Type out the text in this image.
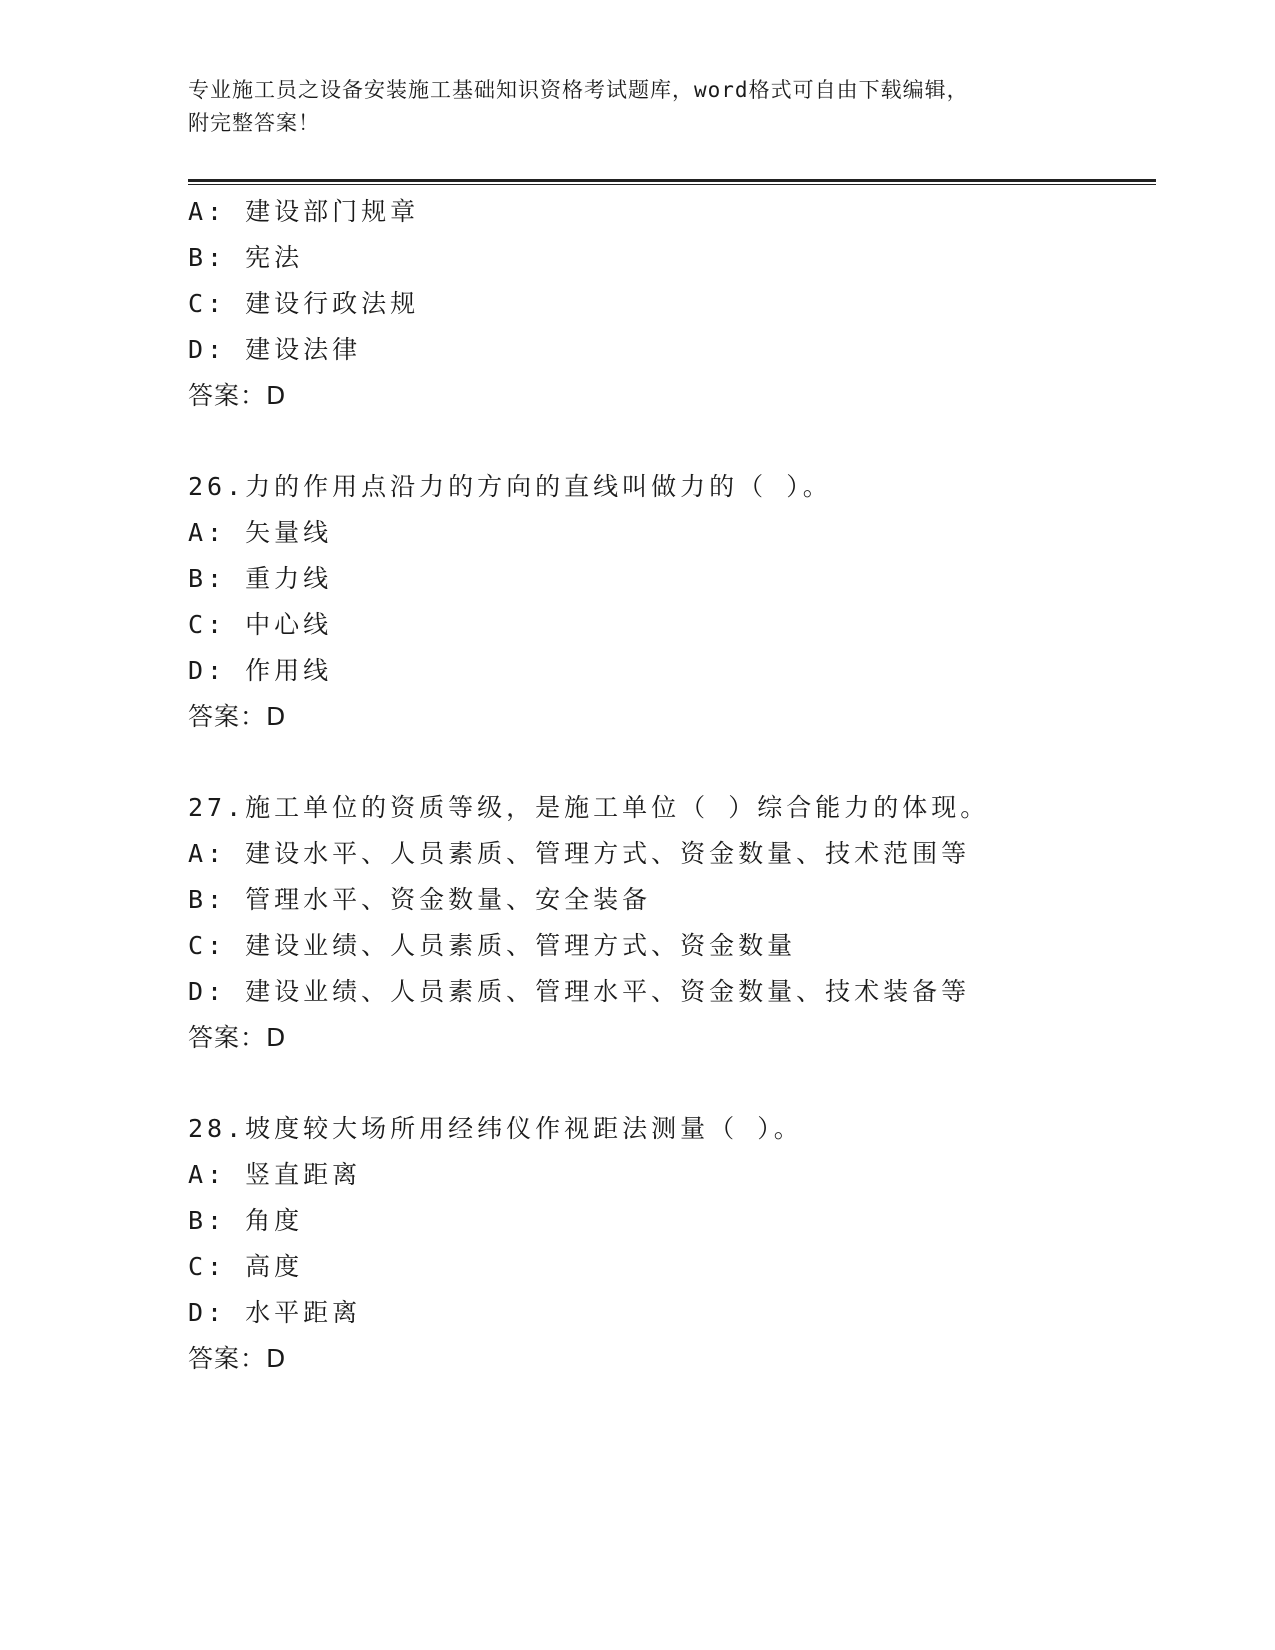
专业施工员之设备安装施工基础知识资格考试题库，word格式可自由下载编辑，
附完整答案！
A: 建设部门规章
B: 宪法
C: 建设行政法规
D: 建设法律
答案：D
26.力的作用点沿力的方向的直线叫做力的（ ）。
A: 矢量线
B: 重力线
C: 中心线
D: 作用线
答案：D
27.施工单位的资质等级，是施工单位（ ）综合能力的体现。
A: 建设水平、人员素质、管理方式、资金数量、技术范围等
B: 管理水平、资金数量、安全装备
C: 建设业绩、人员素质、管理方式、资金数量
D: 建设业绩、人员素质、管理水平、资金数量、技术装备等
答案：D
28.坡度较大场所用经纬仪作视距法测量（ ）。
A: 竖直距离
B: 角度
C: 高度
D: 水平距离
答案：D
